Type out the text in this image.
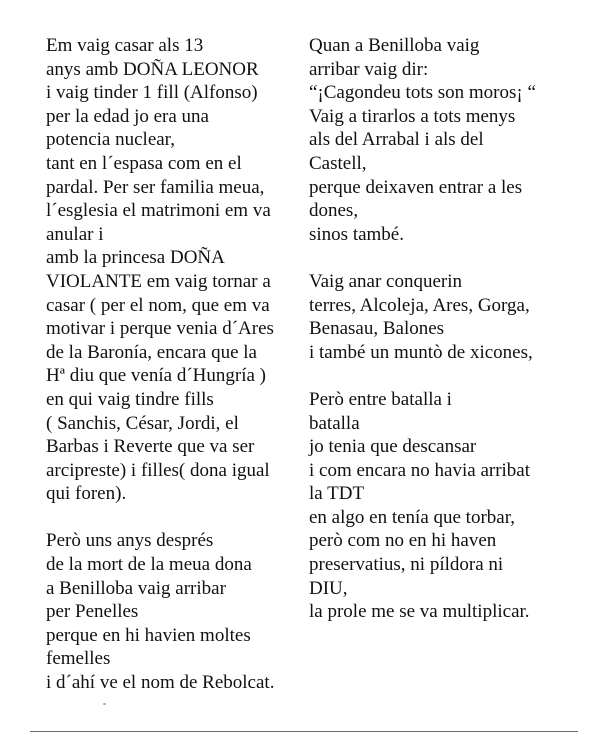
Em vaig casar als 13
anys amb DOÑA LEONOR
i vaig tinder 1 fill (Alfonso)
per la edad jo era una
potencia nuclear,
tant en l´espasa com en el
pardal. Per ser familia meua,
l´esglesia el matrimoni em va
anular i
amb la princesa DOÑA
VIOLANTE em vaig tornar a
casar ( per el nom, que em va
motivar i perque venia d´Ares
de la Baronía, encara que la
Hª diu que venía d´Hungría )
en qui vaig tindre fills
( Sanchis, César, Jordi, el
Barbas i Reverte que va ser
arcipreste) i filles( dona igual
qui foren).
Però uns anys després
de la mort de la meua dona
a Benilloba vaig arribar
per Penelles
perque en hi havien moltes
femelles
i d´ahí ve el nom de Rebolcat.
Quan a Benilloba vaig
arribar vaig dir:
“¡Cagondeu tots son moros¡ “
Vaig a tirarlos a tots menys
als del Arrabal i als del
Castell,
perque deixaven entrar a les
dones,
sinos també.
Vaig anar conquerin
terres, Alcoleja, Ares, Gorga,
Benasau, Balones
i també un muntò de xicones,
Però entre batalla i
batalla
jo tenia que descansar
i com encara no havia arribat
la TDT
en algo en tenía que torbar,
però com no en hi haven
preservatius, ni píldora ni
DIU,
la prole me se va multiplicar.
